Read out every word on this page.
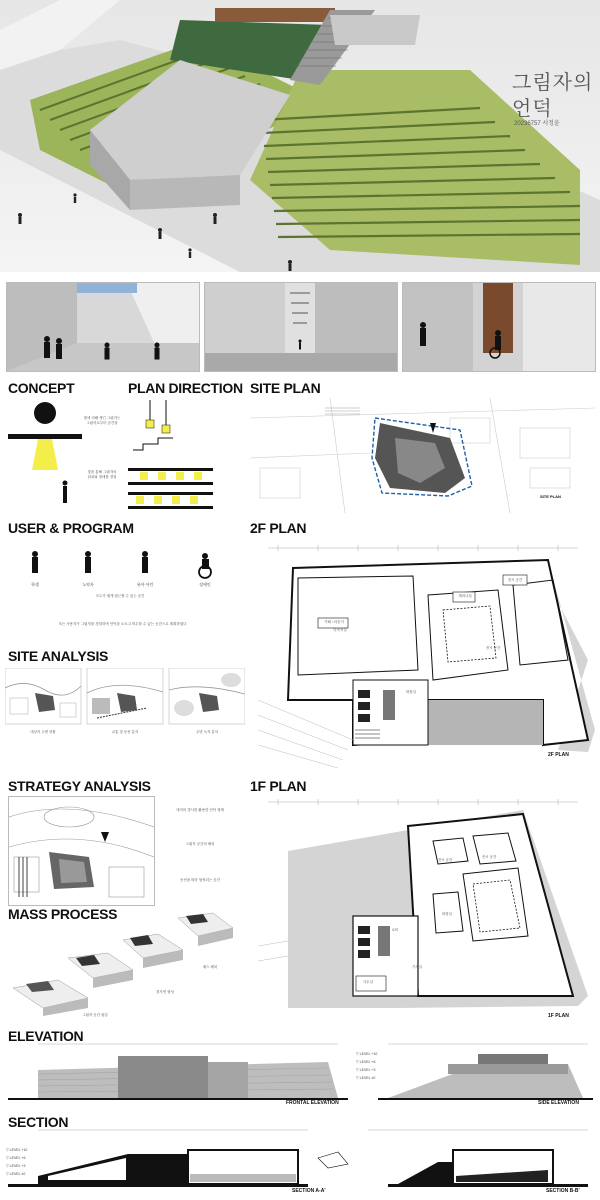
그림자의
언덕
20236757 서정윤
CONCEPT
빛에 의해 생긴 그림자는
그림자로부터 공간을
빛을 통해 그림자의
위치와 형태를 경험
PLAN DIRECTION SITE PLAN
SITE PLAN
USER & PROGRAM
학생	노약자	유아 어린	장애인
모두가 쉽게 접근할 수 있는 공간
모든 사용자가 그림자를 경험하며 언덕을 오르고 머무를 수 있는 공간으로 계획하였다
SITE ANALYSIS
대상지 주변 현황	교통 및 동선 분석	주변 녹지 분석
2F PLAN
다목적실
카페 / 라운지
세미나실
전시 공간
전시 공간
화장실
2F PLAN
STRATEGY ANALYSIS
대지의 경사를 활용한 언덕 형태
그림자 공간의 배치
동선을 따라 형성되는 공간
MASS PROCESS
매스 배치
경사면 형성
그림자 공간 삽입
1F PLAN
전시 공간
전시 공간
로비
기계실
사무실
화장실
1F PLAN
ELEVATION
▽ LEVEL +10
▽ LEVEL +6
▽ LEVEL +3
▽ LEVEL ±0
FRONTAL ELEVATION	SIDE ELEVATION
SECTION
▽ LEVEL +10
▽ LEVEL +6
▽ LEVEL +3
▽ LEVEL ±0
SECTION A-A'	SECTION B-B'
